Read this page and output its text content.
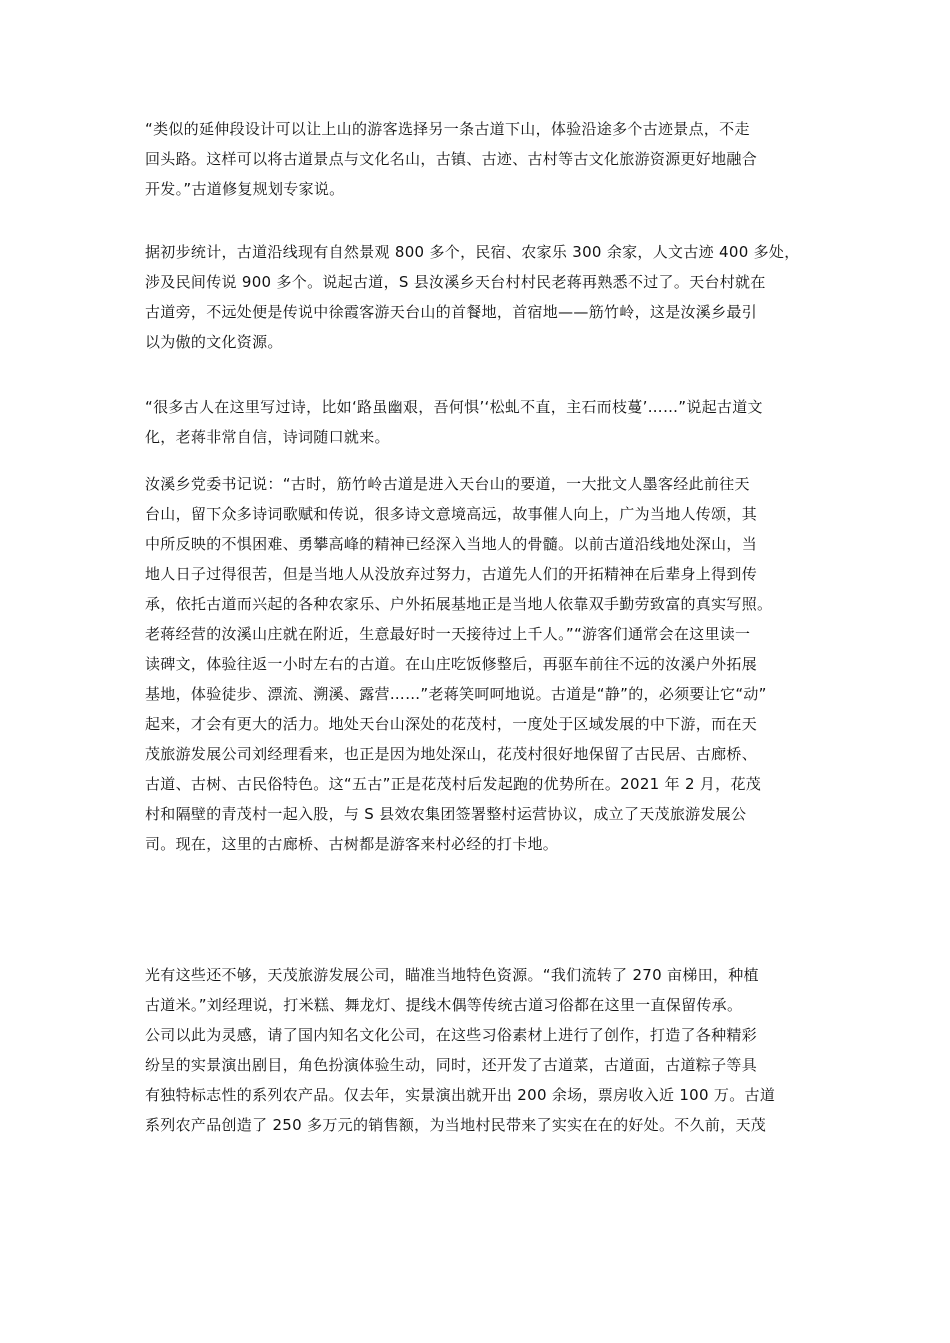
“类似的延伸段设计可以让上山的游客选择另一条古道下山，体验沿途多个古迹景点，不走
回头路。这样可以将古道景点与文化名山，古镇、古迹、古村等古文化旅游资源更好地融合
开发。”古道修复规划专家说。
据初步统计，古道沿线现有自然景观 800 多个，民宿、农家乐 300 余家，人文古迹 400 多处，
涉及民间传说 900 多个。说起古道，S 县汝溪乡天台村村民老蒋再熟悉不过了。天台村就在
古道旁，不远处便是传说中徐霞客游天台山的首餐地，首宿地——筋竹岭，这是汝溪乡最引
以为傲的文化资源。
“很多古人在这里写过诗，比如‘路虽幽艰，吾何惧’‘松虬不直，主石而枝蔓’……”说起古道文
化，老蒋非常自信，诗词随口就来。
汝溪乡党委书记说：“古时，筋竹岭古道是进入天台山的要道，一大批文人墨客经此前往天
台山，留下众多诗词歌赋和传说，很多诗文意境高远，故事催人向上，广为当地人传颂，其
中所反映的不惧困难、勇攀高峰的精神已经深入当地人的骨髓。以前古道沿线地处深山，当
地人日子过得很苦，但是当地人从没放弃过努力，古道先人们的开拓精神在后辈身上得到传
承，依托古道而兴起的各种农家乐、户外拓展基地正是当地人依靠双手勤劳致富的真实写照。
老蒋经营的汝溪山庄就在附近，生意最好时一天接待过上千人。”“游客们通常会在这里读一
读碑文，体验往返一小时左右的古道。在山庄吃饭修整后，再驱车前往不远的汝溪户外拓展
基地，体验徒步、漂流、溯溪、露营……”老蒋笑呵呵地说。古道是“静”的，必须要让它“动”
起来，才会有更大的活力。地处天台山深处的花茂村，一度处于区域发展的中下游，而在天
茂旅游发展公司刘经理看来，也正是因为地处深山，花茂村很好地保留了古民居、古廊桥、
古道、古树、古民俗特色。这“五古”正是花茂村后发起跑的优势所在。2021 年 2 月，花茂
村和隔壁的青茂村一起入股，与 S 县效农集团签署整村运营协议，成立了天茂旅游发展公
司。现在，这里的古廊桥、古树都是游客来村必经的打卡地。
光有这些还不够，天茂旅游发展公司，瞄准当地特色资源。“我们流转了 270 亩梯田，种植
古道米。”刘经理说，打米糕、舞龙灯、提线木偶等传统古道习俗都在这里一直保留传承。
公司以此为灵感，请了国内知名文化公司，在这些习俗素材上进行了创作，打造了各种精彩
纷呈的实景演出剧目，角色扮演体验生动，同时，还开发了古道菜，古道面，古道粽子等具
有独特标志性的系列农产品。仅去年，实景演出就开出 200 余场，票房收入近 100 万。古道
系列农产品创造了 250 多万元的销售额，为当地村民带来了实实在在的好处。不久前，天茂
